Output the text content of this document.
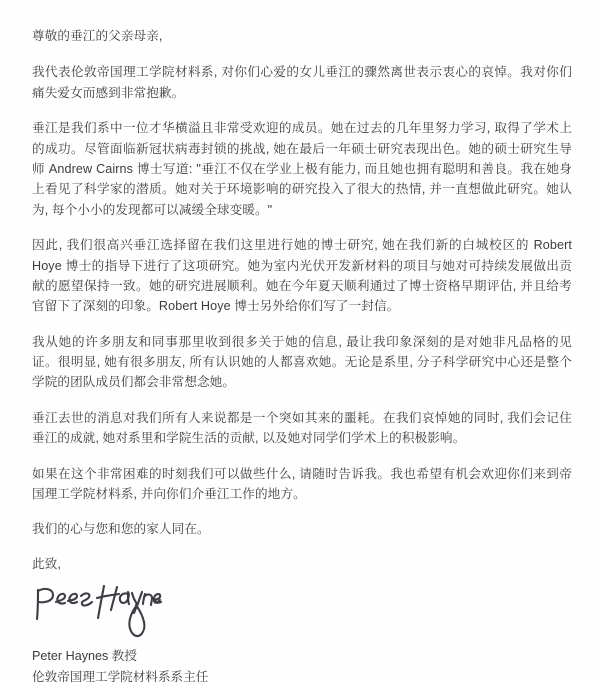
尊敬的垂江的父亲母亲,

我代表伦敦帝国理工学院材料系, 对你们心爱的女儿垂江的骤然离世表示衷心的哀悼。我对你们痛失爱女而感到非常抱歉。

垂江是我们系中一位才华横溢且非常受欢迎的成员。她在过去的几年里努力学习, 取得了学术上的成功。尽管面临新冠状病毒封锁的挑战, 她在最后一年硕士研究表现出色。她的硕士研究生导师 Andrew Cairns 博士写道: "垂江不仅在学业上极有能力, 而且她也拥有聪明和善良。我在她身上看见了科学家的潜质。她对关于环境影响的研究投入了很大的热情, 并一直想做此研究。她认为, 每个小小的发现都可以减缓全球变暖。"

因此, 我们很高兴垂江选择留在我们这里进行她的博士研究, 她在我们新的白城校区的 Robert Hoye 博士的指导下进行了这项研究。她为室内光伏开发新材料的项目与她对可持续发展做出贡献的愿望保持一致。她的研究进展顺利。她在今年夏天顺利通过了博士资格早期评估, 并且给考官留下了深刻的印象。Robert Hoye 博士另外给你们写了一封信。

我从她的许多朋友和同事那里收到很多关于她的信息, 最让我印象深刻的是对她非凡品格的见证。很明显, 她有很多朋友, 所有认识她的人都喜欢她。无论是系里, 分子科学研究中心还是整个学院的团队成员们都会非常想念她。

垂江去世的消息对我们所有人来说都是一个突如其来的噩耗。在我们哀悼她的同时, 我们会记住垂江的成就, 她对系里和学院生活的贡献, 以及她对同学们学术上的积极影响。

如果在这个非常困难的时刻我们可以做些什么, 请随时告诉我。我也希望有机会欢迎你们来到帝国理工学院材料系, 并向你们介垂江工作的地方。

我们的心与您和您的家人同在。

此致,

Peter Haynes 教授
伦敦帝国理工学院材料系系主任
